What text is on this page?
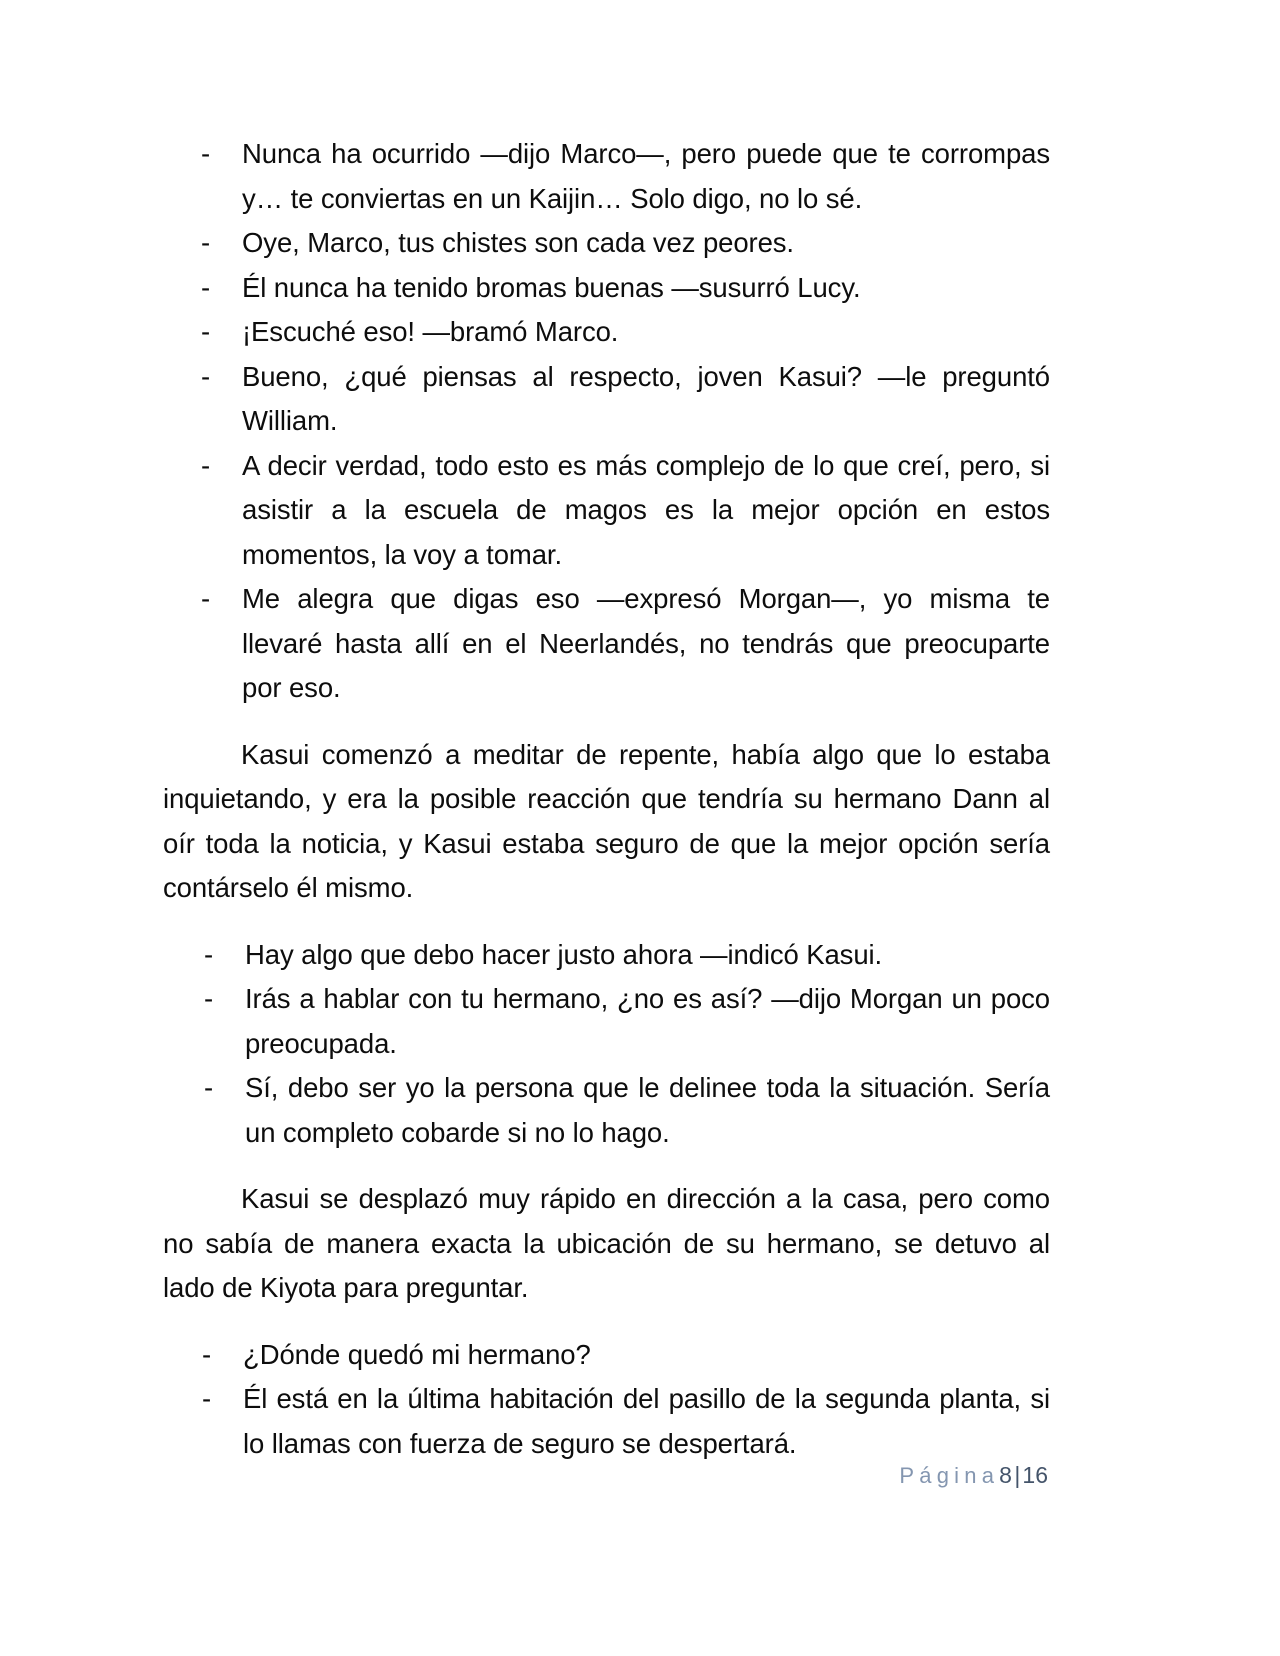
- Nunca ha ocurrido —dijo Marco—, pero puede que te corrompas y… te conviertas en un Kaijin… Solo digo, no lo sé.
- Oye, Marco, tus chistes son cada vez peores.
- Él nunca ha tenido bromas buenas —susurró Lucy.
- ¡Escuché eso! —bramó Marco.
- Bueno, ¿qué piensas al respecto, joven Kasui? —le preguntó William.
- A decir verdad, todo esto es más complejo de lo que creí, pero, si asistir a la escuela de magos es la mejor opción en estos momentos, la voy a tomar.
- Me alegra que digas eso —expresó Morgan—, yo misma te llevaré hasta allí en el Neerlandés, no tendrás que preocuparte por eso.

Kasui comenzó a meditar de repente, había algo que lo estaba inquietando, y era la posible reacción que tendría su hermano Dann al oír toda la noticia, y Kasui estaba seguro de que la mejor opción sería contárselo él mismo.

- Hay algo que debo hacer justo ahora —indicó Kasui.
- Irás a hablar con tu hermano, ¿no es así? —dijo Morgan un poco preocupada.
- Sí, debo ser yo la persona que le delinee toda la situación. Sería un completo cobarde si no lo hago.

Kasui se desplazó muy rápido en dirección a la casa, pero como no sabía de manera exacta la ubicación de su hermano, se detuvo al lado de Kiyota para preguntar.

- ¿Dónde quedó mi hermano?
- Él está en la última habitación del pasillo de la segunda planta, si lo llamas con fuerza de seguro se despertará.
Página8|16
